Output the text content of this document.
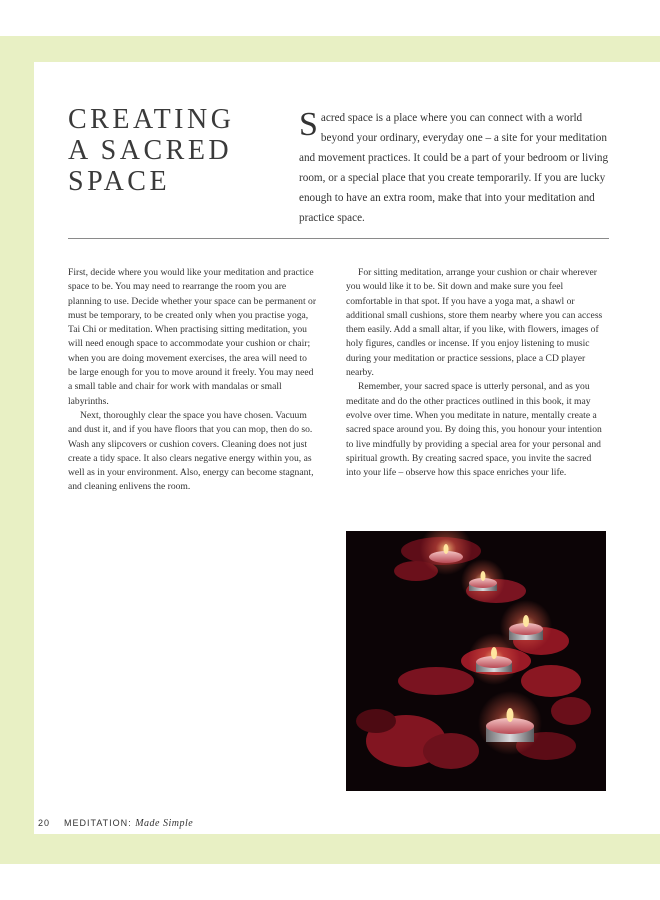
CREATING
A SACRED
SPACE

Sacred space is a place where you can connect with a world beyond your ordinary, everyday one – a site for your meditation and movement practices. It could be a part of your bedroom or living room, or a special place that you create temporarily. If you are lucky enough to have an extra room, make that into your meditation and practice space.

First, decide where you would like your meditation and practice space to be. You may need to rearrange the room you are planning to use. Decide whether your space can be permanent or must be temporary, to be created only when you practise yoga, Tai Chi or meditation. When practising sitting meditation, you will need enough space to accommodate your cushion or chair; when you are doing movement exercises, the area will need to be large enough for you to move around it freely. You may need a small table and chair for work with mandalas or small labyrinths.

Next, thoroughly clear the space you have chosen. Vacuum and dust it, and if you have floors that you can mop, then do so. Wash any slipcovers or cushion covers. Cleaning does not just create a tidy space. It also clears negative energy within you, as well as in your environment. Also, energy can become stagnant, and cleaning enlivens the room.

For sitting meditation, arrange your cushion or chair wherever you would like it to be. Sit down and make sure you feel comfortable in that spot. If you have a yoga mat, a shawl or additional small cushions, store them nearby where you can access them easily. Add a small altar, if you like, with flowers, images of holy figures, candles or incense. If you enjoy listening to music during your meditation or practice sessions, place a CD player nearby.

Remember, your sacred space is utterly personal, and as you meditate and do the other practices outlined in this book, it may evolve over time. When you meditate in nature, mentally create a sacred space around you. By doing this, you honour your intention to live mindfully by providing a special area for your personal and spiritual growth. By creating sacred space, you invite the sacred into your life – observe how this space enriches your life.

20 MEDITATION: Made Simple
